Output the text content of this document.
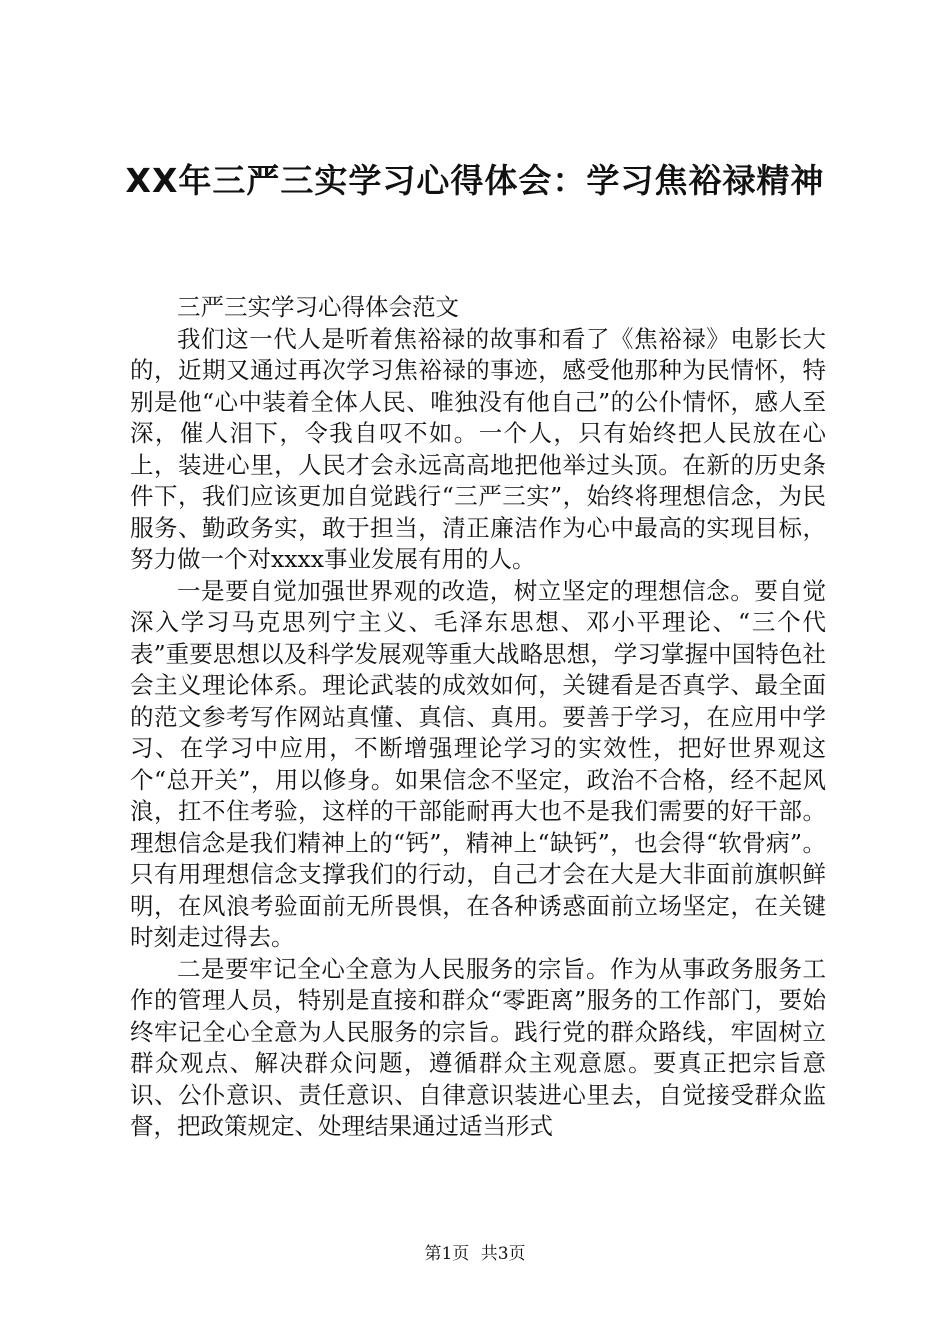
XX年三严三实学习心得体会：学习焦裕禄精神

三严三实学习心得体会范文

我们这一代人是听着焦裕禄的故事和看了《焦裕禄》电影长大的，近期又通过再次学习焦裕禄的事迹，感受他那种为民情怀，特别是他“心中装着全体人民、唯独没有他自己”的公仆情怀，感人至深，催人泪下，令我自叹不如。一个人，只有始终把人民放在心上，装进心里，人民才会永远高高地把他举过头顶。在新的历史条件下，我们应该更加自觉践行“三严三实”，始终将理想信念，为民服务、勤政务实，敢于担当，清正廉洁作为心中最高的实现目标，努力做一个对xxxx事业发展有用的人。

一是要自觉加强世界观的改造，树立坚定的理想信念。要自觉深入学习马克思列宁主义、毛泽东思想、邓小平理论、“三个代表”重要思想以及科学发展观等重大战略思想，学习掌握中国特色社会主义理论体系。理论武装的成效如何，关键看是否真学、最全面的范文参考写作网站真懂、真信、真用。要善于学习，在应用中学习、在学习中应用，不断增强理论学习的实效性，把好世界观这个“总开关”，用以修身。如果信念不坚定，政治不合格，经不起风浪，扛不住考验，这样的干部能耐再大也不是我们需要的好干部。理想信念是我们精神上的“钙”，精神上“缺钙”，也会得“软骨病”。只有用理想信念支撑我们的行动，自己才会在大是大非面前旗帜鲜明，在风浪考验面前无所畏惧，在各种诱惑面前立场坚定，在关键时刻走过得去。

二是要牢记全心全意为人民服务的宗旨。作为从事政务服务工作的管理人员，特别是直接和群众“零距离”服务的工作部门，要始终牢记全心全意为人民服务的宗旨。践行党的群众路线，牢固树立群众观点、解决群众问题，遵循群众主观意愿。要真正把宗旨意识、公仆意识、责任意识、自律意识装进心里去，自觉接受群众监督，把政策规定、处理结果通过适当形式

第1页 共3页
